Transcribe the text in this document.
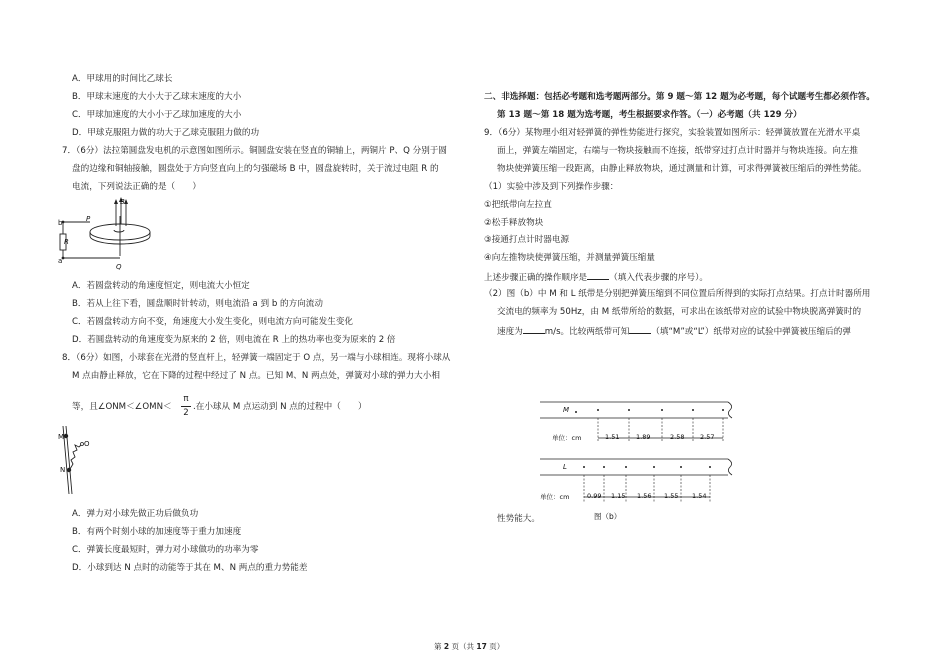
A．甲球用的时间比乙球长
B．甲球末速度的大小大于乙球末速度的大小
C．甲球加速度的大小小于乙球加速度的大小
D．甲球克服阻力做的功大于乙球克服阻力做的功
7．（6分）法拉第圆盘发电机的示意图如图所示。铜圆盘安装在竖直的铜轴上，两铜片 P、Q 分别于圆
盘的边缘和铜轴接触，圆盘处于方向竖直向上的匀强磁场 B 中，圆盘旋转时，关于流过电阻 R 的
电流，下列说法正确的是（　　）
b
a
R
P
B
Q
A．若圆盘转动的角速度恒定，则电流大小恒定
B．若从上往下看，圆盘顺时针转动，则电流沿 a 到 b 的方向流动
C．若圆盘转动方向不变，角速度大小发生变化，则电流方向可能发生变化
D．若圆盘转动的角速度变为原来的 2 倍，则电流在 R 上的热功率也变为原来的 2 倍
8．（6分）如图，小球套在光滑的竖直杆上，轻弹簧一端固定于 O 点，另一端与小球相连。现将小球从
M 点由静止释放，它在下降的过程中经过了 N 点。已知 M、N 两点处，弹簧对小球的弹力大小相
等，且∠ONM＜∠OMN＜
π
2
.在小球从 M 点运动到 N 点的过程中（　　）
M
O
N
A．弹力对小球先做正功后做负功
B．有两个时刻小球的加速度等于重力加速度
C．弹簧长度最短时，弹力对小球做功的功率为零
D．小球到达 N 点时的动能等于其在 M、N 两点的重力势能差
二、非选择题：包括必考题和选考题两部分。第 9 题～第 12 题为必考题，每个试题考生都必须作答。
第 13 题～第 18 题为选考题，考生根据要求作答。（一）必考题（共 129 分）
9．（6分）某物理小组对轻弹簧的弹性势能进行探究，实验装置如图所示：轻弹簧放置在光滑水平桌
面上，弹簧左端固定，右端与一物块接触而不连接，纸带穿过打点计时器并与物块连接。向左推
物块使弹簧压缩一段距离，由静止释放物块，通过测量和计算，可求得弹簧被压缩后的弹性势能。
（1）实验中涉及到下列操作步骤：
①把纸带向左拉直
②松手释放物块
③接通打点计时器电源
④向左推物块使弹簧压缩，并测量弹簧压缩量
上述步骤正确的操作顺序是	（填入代表步骤的序号）。
（2）图（b）中 M 和 L 纸带是分别把弹簧压缩到不同位置后所得到的实际打点结果。打点计时器所用
交流电的频率为 50Hz，由 M 纸带所给的数据，可求出在该纸带对应的试验中物块脱离弹簧时的
速度为	m/s。比较两纸带可知	（填“M”或“L”）纸带对应的试验中弹簧被压缩后的弹
M
单位：cm	1.51	1.89	2.58 2.57
L
单位：cm	0.99 1.15 1.56 1.55 1.54
性势能大。	图（b）
第 2 页（共 17 页）
